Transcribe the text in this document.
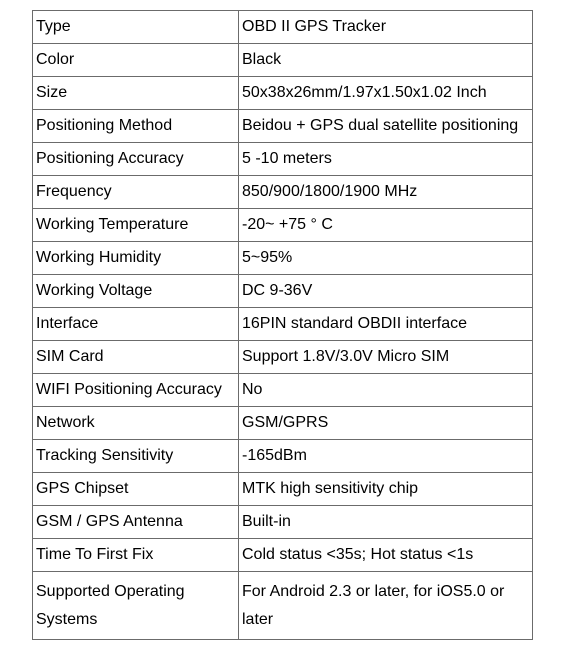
Type	OBD II GPS Tracker
Color	Black
Size	50x38x26mm/1.97x1.50x1.02 Inch
Positioning Method	Beidou + GPS dual satellite positioning
Positioning Accuracy	5 -10 meters
Frequency	850/900/1800/1900 MHz
Working Temperature	-20~ +75 ° C
Working Humidity	5~95%
Working Voltage	DC 9-36V
Interface	16PIN standard OBDII interface
SIM Card	Support 1.8V/3.0V Micro SIM
WIFI Positioning Accuracy	No
Network	GSM/GPRS
Tracking Sensitivity	-165dBm
GPS Chipset	MTK high sensitivity chip
GSM / GPS Antenna	Built-in
Time To First Fix	Cold status <35s; Hot status <1s
Supported Operating Systems	For Android 2.3 or later, for iOS5.0 or later
